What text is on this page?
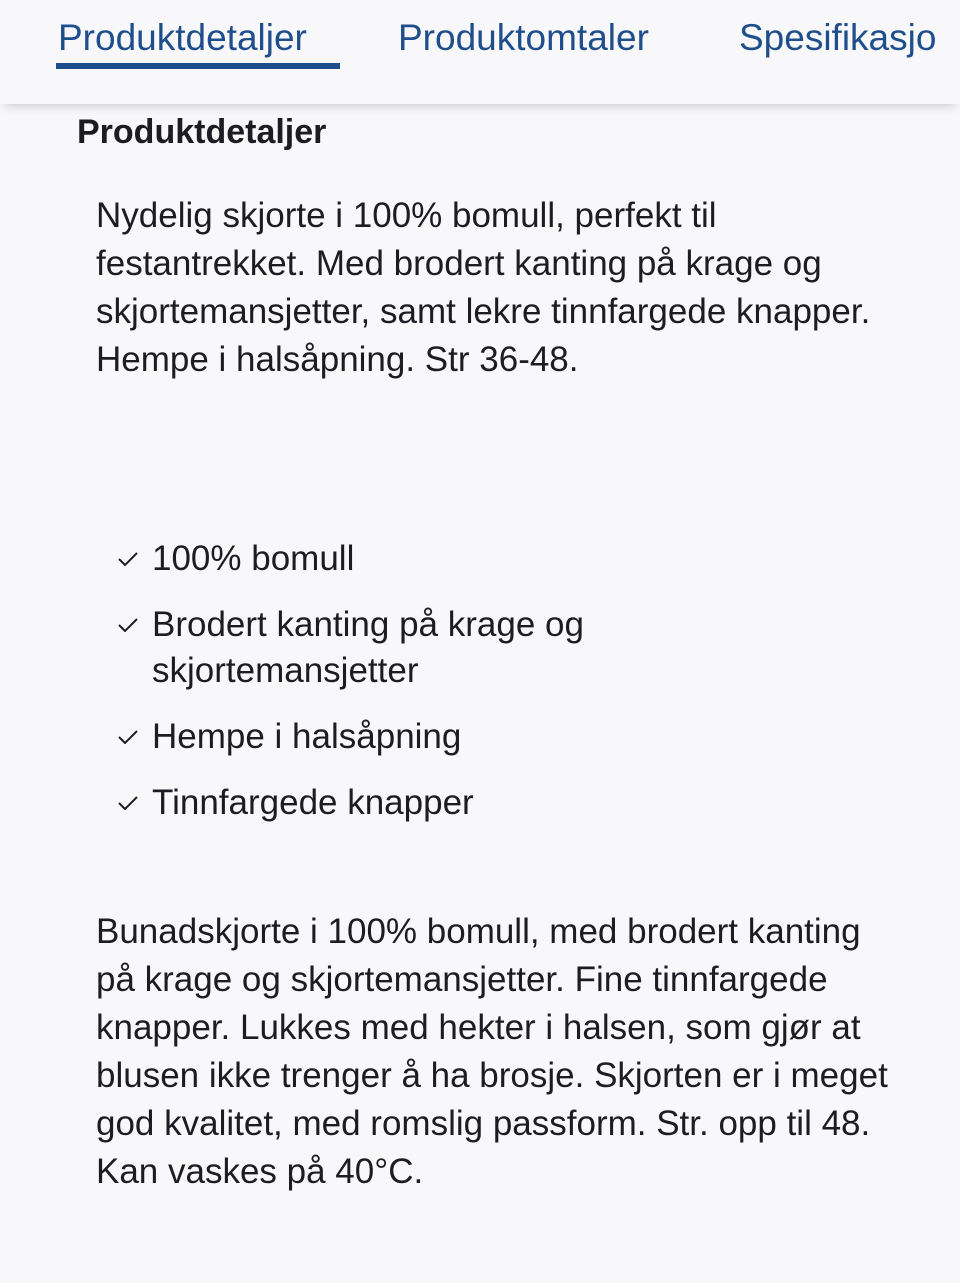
Produktdetaljer Produktomtaler Spesifikasjo
Produktdetaljer

Nydelig skjorte i 100% bomull, perfekt til festantrekket. Med brodert kanting på krage og skjortemansjetter, samt lekre tinnfargede knapper. Hempe i halsåpning. Str 36-48.

100% bomull
Brodert kanting på krage og skjortemansjetter
Hempe i halsåpning
Tinnfargede knapper

Bunadskjorte i 100% bomull, med brodert kanting på krage og skjortemansjetter. Fine tinnfargede knapper. Lukkes med hekter i halsen, som gjør at blusen ikke trenger å ha brosje. Skjorten er i meget god kvalitet, med romslig passform. Str. opp til 48. Kan vaskes på 40°C.
